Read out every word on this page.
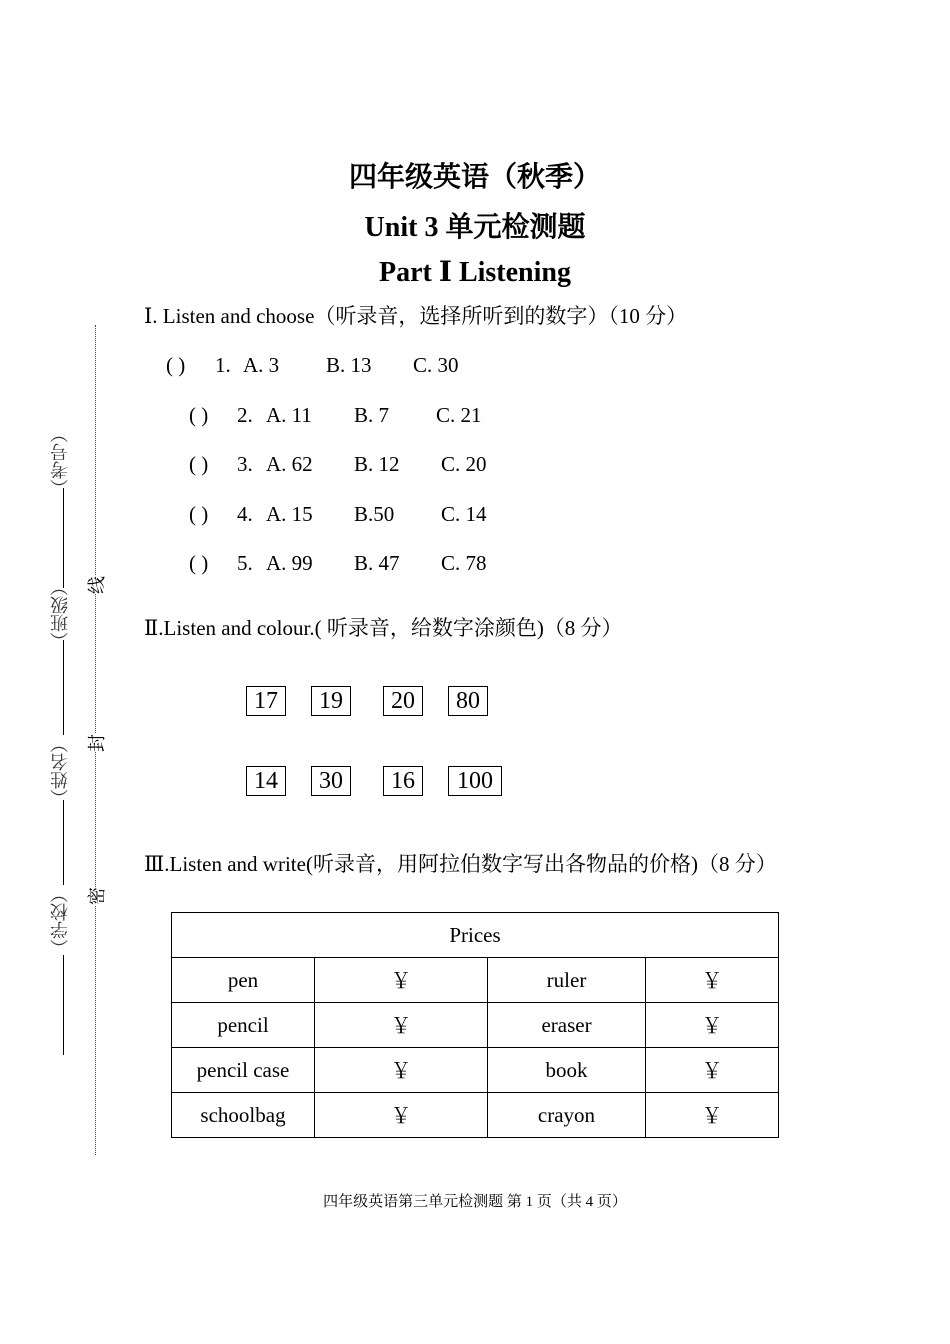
（考号）
（班级）
（姓名）
（学校）
线
封
密
四年级英语（秋季）
Unit 3 单元检测题
Part Ⅰ Listening
Ⅰ. Listen and choose（听录音，选择所听到的数字）（10 分）
( ) 1. A. 3 B. 13 C. 30
( ) 2. A. 11 B. 7 C. 21
( ) 3. A. 62 B. 12 C. 20
( ) 4. A. 15 B.50 C. 14
( ) 5. A. 99 B. 47 C. 78
Ⅱ.Listen and colour.( 听录音，给数字涂颜色)（8 分）
17	19	20	80
14	30	16	100
Ⅲ.Listen and write(听录音，用阿拉伯数字写出各物品的价格)（8 分）
Prices			
pen	￥	ruler	￥
pencil	￥	eraser	￥
pencil case	￥	book	￥
schoolbag	￥	crayon	￥
四年级英语第三单元检测题 第 1 页（共 4 页）
